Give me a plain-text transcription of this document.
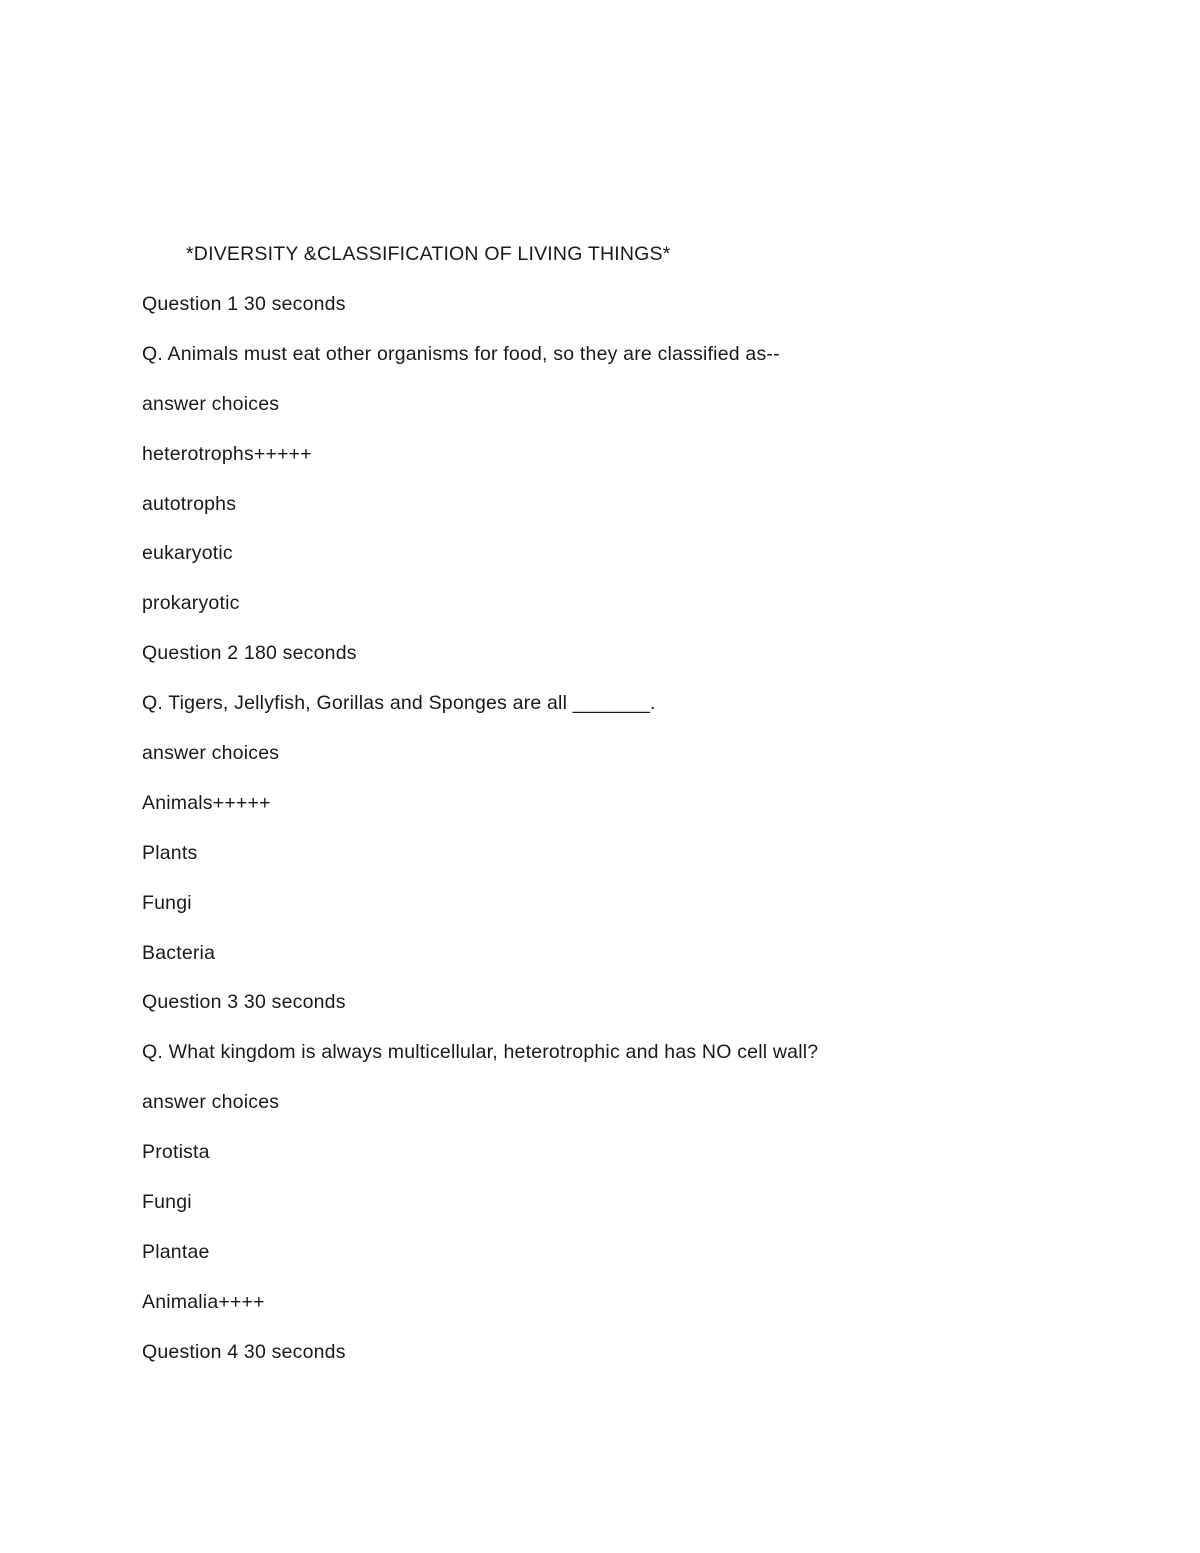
*DIVERSITY &CLASSIFICATION OF LIVING THINGS*
Question 1 30 seconds
Q. Animals must eat other organisms for food, so they are classified as--
answer choices
heterotrophs+++++
autotrophs
eukaryotic
prokaryotic
Question 2 180 seconds
Q. Tigers, Jellyfish, Gorillas and Sponges are all _______.
answer choices
Animals+++++
Plants
Fungi
Bacteria
Question 3 30 seconds
Q. What kingdom is always multicellular, heterotrophic and has NO cell wall?
answer choices
Protista
Fungi
Plantae
Animalia++++
Question 4 30 seconds
